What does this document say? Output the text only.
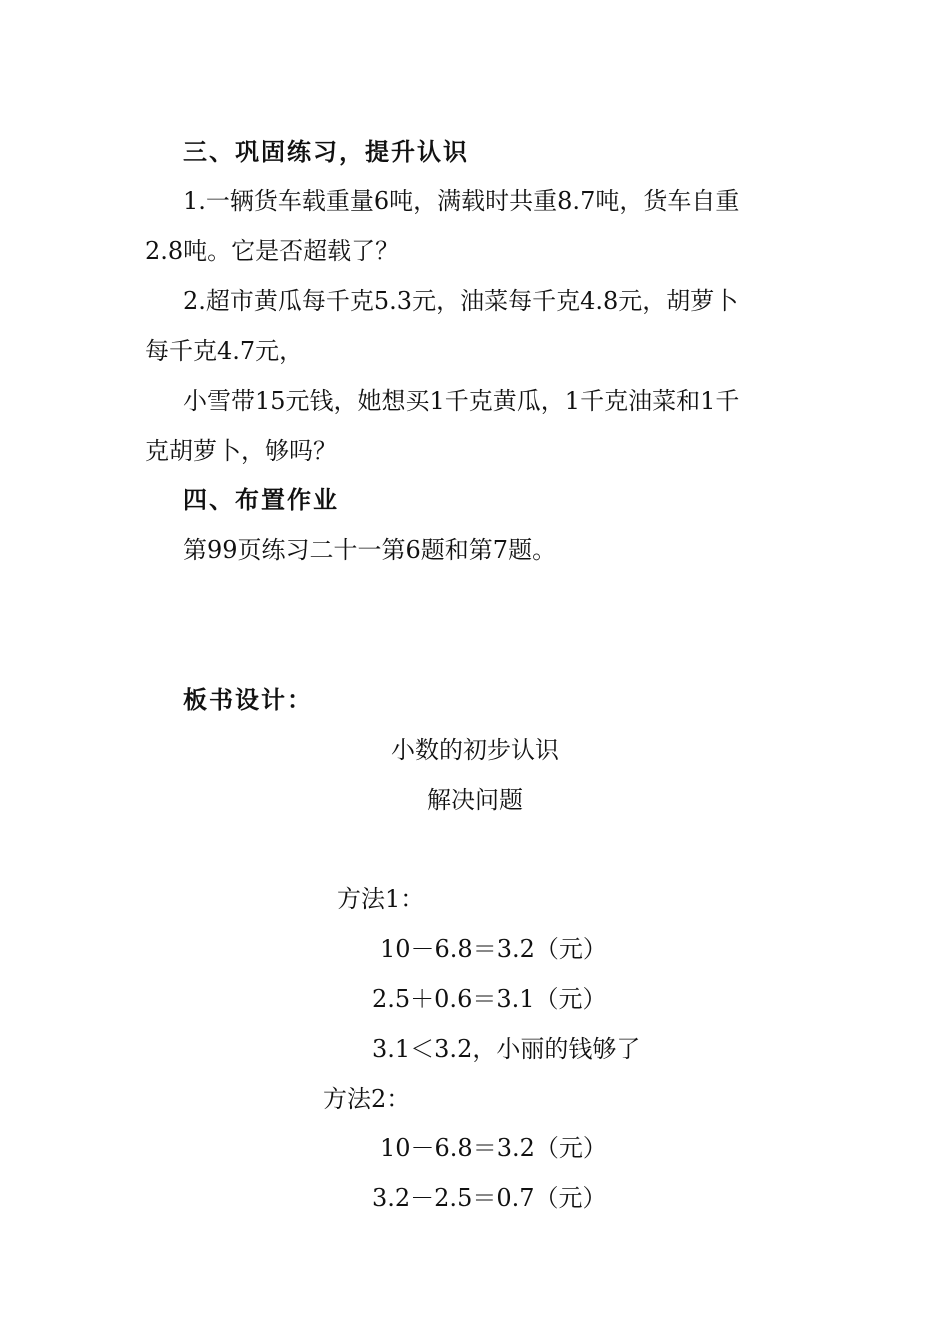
三、巩固练习，提升认识
1.一辆货车载重量6吨，满载时共重8.7吨，货车自重
2.8吨。它是否超载了？
2.超市黄瓜每千克5.3元，油菜每千克4.8元，胡萝卜
每千克4.7元，
小雪带15元钱，她想买1千克黄瓜，1千克油菜和1千
克胡萝卜，够吗？
四、布置作业
第99页练习二十一第6题和第7题。
板书设计：
小数的初步认识
解决问题
方法1：
10－6.8＝3.2（元）
2.5＋0.6＝3.1（元）
3.1＜3.2，小丽的钱够了
方法2：
10－6.8＝3.2（元）
3.2－2.5＝0.7（元）
